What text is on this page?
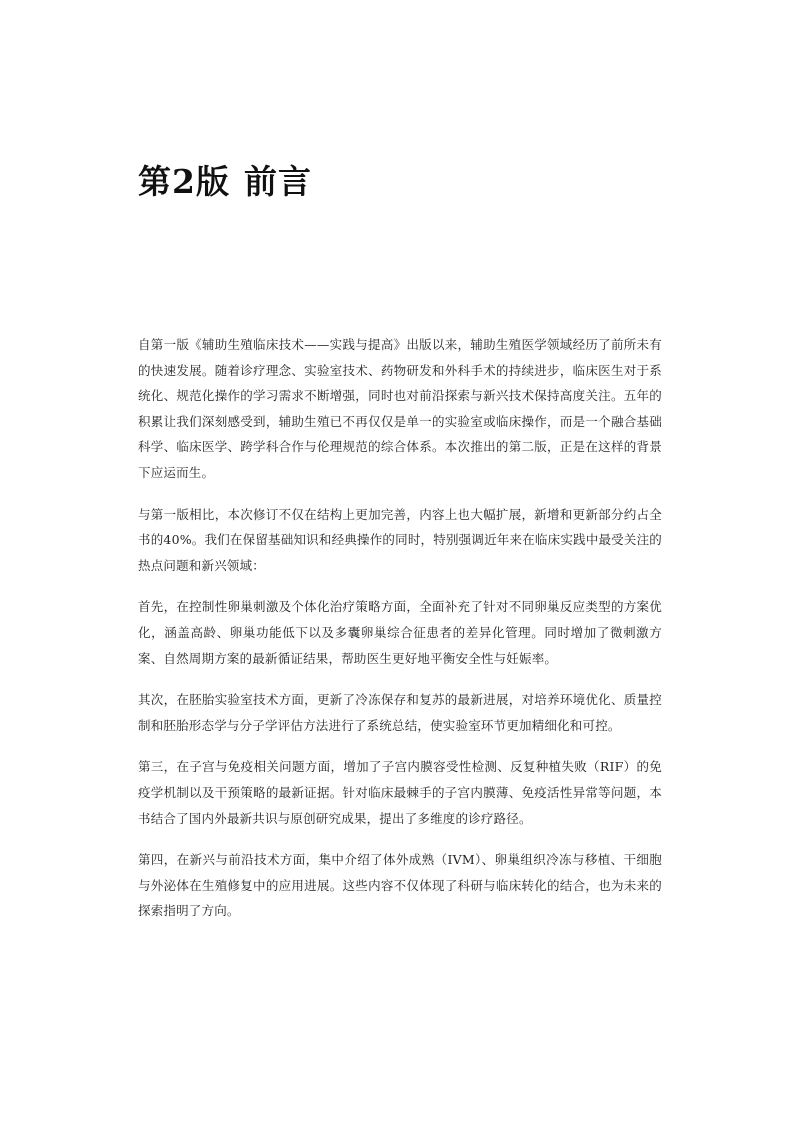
第2版 前言

自第一版《辅助生殖临床技术——实践与提高》出版以来，辅助生殖医学领域经历了前所未有的快速发展。随着诊疗理念、实验室技术、药物研发和外科手术的持续进步，临床医生对于系统化、规范化操作的学习需求不断增强，同时也对前沿探索与新兴技术保持高度关注。五年的积累让我们深刻感受到，辅助生殖已不再仅仅是单一的实验室或临床操作，而是一个融合基础科学、临床医学、跨学科合作与伦理规范的综合体系。本次推出的第二版，正是在这样的背景下应运而生。

与第一版相比，本次修订不仅在结构上更加完善，内容上也大幅扩展，新增和更新部分约占全书的40%。我们在保留基础知识和经典操作的同时，特别强调近年来在临床实践中最受关注的热点问题和新兴领域：

首先，在控制性卵巢刺激及个体化治疗策略方面，全面补充了针对不同卵巢反应类型的方案优化，涵盖高龄、卵巢功能低下以及多囊卵巢综合征患者的差异化管理。同时增加了微刺激方案、自然周期方案的最新循证结果，帮助医生更好地平衡安全性与妊娠率。

其次，在胚胎实验室技术方面，更新了冷冻保存和复苏的最新进展，对培养环境优化、质量控制和胚胎形态学与分子学评估方法进行了系统总结，使实验室环节更加精细化和可控。

第三，在子宫与免疫相关问题方面，增加了子宫内膜容受性检测、反复种植失败（RIF）的免疫学机制以及干预策略的最新证据。针对临床最棘手的子宫内膜薄、免疫活性异常等问题，本书结合了国内外最新共识与原创研究成果，提出了多维度的诊疗路径。

第四，在新兴与前沿技术方面，集中介绍了体外成熟（IVM）、卵巢组织冷冻与移植、干细胞与外泌体在生殖修复中的应用进展。这些内容不仅体现了科研与临床转化的结合，也为未来的探索指明了方向。
